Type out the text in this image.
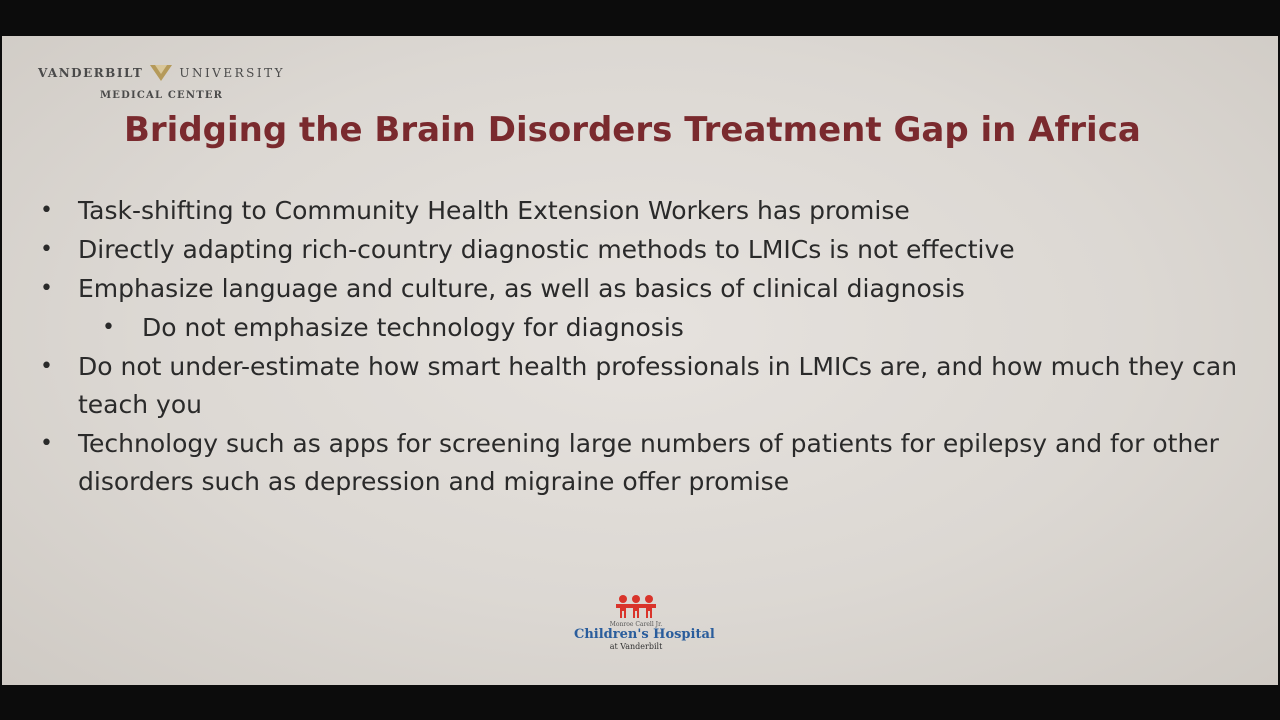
VANDERBILT	UNIVERSITY
MEDICAL CENTER
Bridging the Brain Disorders Treatment Gap in Africa
•	Task-shifting to Community Health Extension Workers has promise
•	Directly adapting rich-country diagnostic methods to LMICs is not effective
•	Emphasize language and culture, as well as basics of clinical diagnosis
•	Do not emphasize technology for diagnosis
•	Do not under-estimate how smart health professionals in LMICs are, and how much they can teach you
•	Technology such as apps for screening large numbers of patients for epilepsy and for other disorders such as depression and migraine offer promise
Monroe Carell Jr.
Children's Hospital
at Vanderbilt
